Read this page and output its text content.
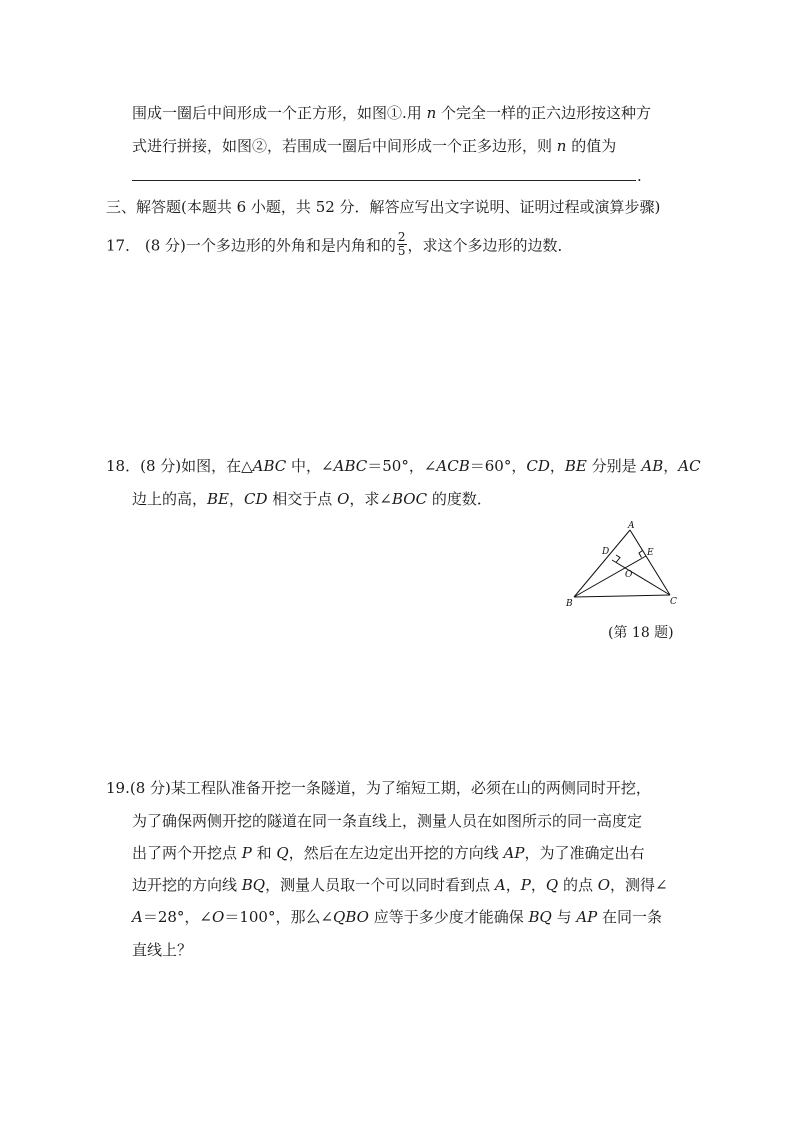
围成一圈后中间形成一个正方形，如图①.用 n 个完全一样的正六边形按这种方
式进行拼接，如图②，若围成一圈后中间形成一个正多边形，则 n 的值为
.
三、解答题(本题共 6 小题，共 52 分．解答应写出文字说明、证明过程或演算步骤)
17． (8 分)一个多边形的外角和是内角和的 $\frac{2}{5}$ ，求这个多边形的边数．
18．(8 分)如图，在△ABC 中，∠ABC＝50°，∠ACB＝60°，CD，BE 分别是 AB，AC
边上的高，BE，CD 相交于点 O，求∠BOC 的度数．
A
B	C
D	E
O
(第 18 题)
19.(8 分)某工程队准备开挖一条隧道，为了缩短工期，必须在山的两侧同时开挖，
为了确保两侧开挖的隧道在同一条直线上，测量人员在如图所示的同一高度定
出了两个开挖点 P 和 Q，然后在左边定出开挖的方向线 AP，为了准确定出右
边开挖的方向线 BQ，测量人员取一个可以同时看到点 A，P，Q 的点 O，测得∠
A＝28°，∠O＝100°，那么∠QBO 应等于多少度才能确保 BQ 与 AP 在同一条
直线上？
